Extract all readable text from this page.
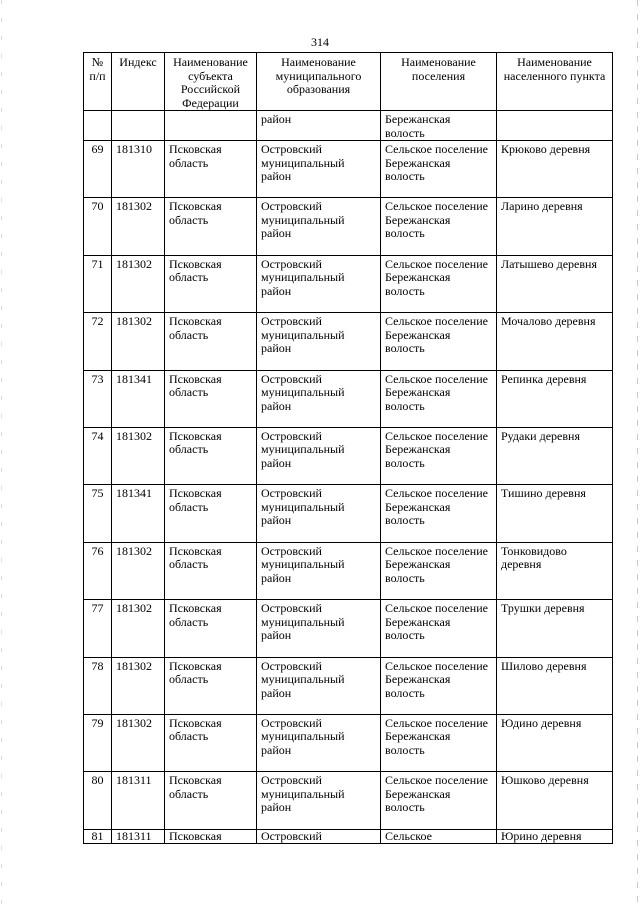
314
№ п/п	Индекс	Наименование субъекта Российской Федерации	Наименование муниципального образования	Наименование поселения	Наименование населенного пункта
			район	Бережанская волость	
69	181310	Псковская область	Островский муниципальный район	Сельское поселение Бережанская волость	Крюково деревня
70	181302	Псковская область	Островский муниципальный район	Сельское поселение Бережанская волость	Ларино деревня
71	181302	Псковская область	Островский муниципальный район	Сельское поселение Бережанская волость	Латышево деревня
72	181302	Псковская область	Островский муниципальный район	Сельское поселение Бережанская волость	Мочалово деревня
73	181341	Псковская область	Островский муниципальный район	Сельское поселение Бережанская волость	Репинка деревня
74	181302	Псковская область	Островский муниципальный район	Сельское поселение Бережанская волость	Рудаки деревня
75	181341	Псковская область	Островский муниципальный район	Сельское поселение Бережанская волость	Тишино деревня
76	181302	Псковская область	Островский муниципальный район	Сельское поселение Бережанская волость	Тонковидово деревня
77	181302	Псковская область	Островский муниципальный район	Сельское поселение Бережанская волость	Трушки деревня
78	181302	Псковская область	Островский муниципальный район	Сельское поселение Бережанская волость	Шилово деревня
79	181302	Псковская область	Островский муниципальный район	Сельское поселение Бережанская волость	Юдино деревня
80	181311	Псковская область	Островский муниципальный район	Сельское поселение Бережанская волость	Юшково деревня
81	181311	Псковская	Островский	Сельское	Юрино деревня
